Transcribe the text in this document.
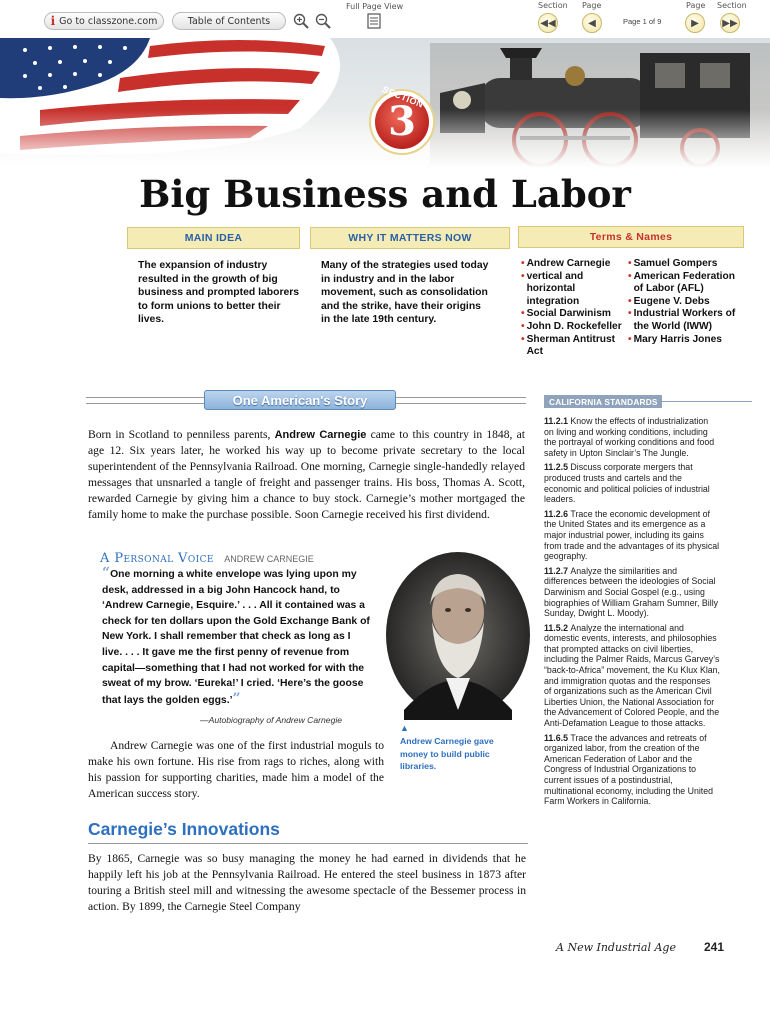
i Go to classzone.com	Table of Contents
Full Page View	Section Page
◀◀	◀	Page 1 of 9
Page Section
▶ ▶▶
SECTION
3
Big Business and Labor
MAIN IDEA	WHY IT MATTERS NOW	Terms & Names
The expansion of industry resulted in the growth of big business and prompted laborers to form unions to better their lives.
Many of the strategies used today in industry and in the labor movement, such as consolidation and the strike, have their origins in the late 19th century.
• Andrew Carnegie
• vertical and horizontal integration
• Social Darwinism
• John D. Rockefeller
• Sherman Antitrust Act
• Samuel Gompers
• American Federation of Labor (AFL)
• Eugene V. Debs
• Industrial Workers of the World (IWW)
• Mary Harris Jones
One American's Story
Born in Scotland to penniless parents, Andrew Carnegie came to this country in 1848, at age 12. Six years later, he worked his way up to become private secretary to the local superintendent of the Pennsylvania Railroad. One morning, Carnegie single-handedly relayed messages that unsnarled a tangle of freight and passenger trains. His boss, Thomas A. Scott, rewarded Carnegie by giving him a chance to buy stock. Carnegie’s mother mortgaged the family home to make the purchase possible. Soon Carnegie received his first dividend.
A Personal Voice ANDREW CARNEGIE
“One morning a white envelope was lying upon my desk, addressed in a big John Hancock hand, to ‘Andrew Carnegie, Esquire.’ . . . All it contained was a check for ten dollars upon the Gold Exchange Bank of New York. I shall remember that check as long as I live. . . . It gave me the first penny of revenue from capital—something that I had not worked for with the sweat of my brow. ‘Eureka!’ I cried. ‘Here’s the goose that lays the golden eggs.’”
—Autobiography of Andrew Carnegie
▲
Andrew Carnegie gave money to build public libraries.
Andrew Carnegie was one of the first industrial moguls to make his own fortune. His rise from rags to riches, along with his passion for supporting charities, made him a model of the American success story.
Carnegie’s Innovations
By 1865, Carnegie was so busy managing the money he had earned in dividends that he happily left his job at the Pennsylvania Railroad. He entered the steel business in 1873 after touring a British steel mill and witnessing the awesome spectacle of the Bessemer process in action. By 1899, the Carnegie Steel Company
CALIFORNIA STANDARDS
11.2.1 Know the effects of industrialization on living and working conditions, including the portrayal of working conditions and food safety in Upton Sinclair’s The Jungle.
11.2.5 Discuss corporate mergers that produced trusts and cartels and the economic and political policies of industrial leaders.
11.2.6 Trace the economic development of the United States and its emergence as a major industrial power, including its gains from trade and the advantages of its physical geography.
11.2.7 Analyze the similarities and differences between the ideologies of Social Darwinism and Social Gospel (e.g., using biographies of William Graham Sumner, Billy Sunday, Dwight L. Moody).
11.5.2 Analyze the international and domestic events, interests, and philosophies that prompted attacks on civil liberties, including the Palmer Raids, Marcus Garvey’s “back-to-Africa” movement, the Ku Klux Klan, and immigration quotas and the responses of organizations such as the American Civil Liberties Union, the National Association for the Advancement of Colored People, and the Anti-Defamation League to those attacks.
11.6.5 Trace the advances and retreats of organized labor, from the creation of the American Federation of Labor and the Congress of Industrial Organizations to current issues of a postindustrial, multinational economy, including the United Farm Workers in California.
A New Industrial Age 241
